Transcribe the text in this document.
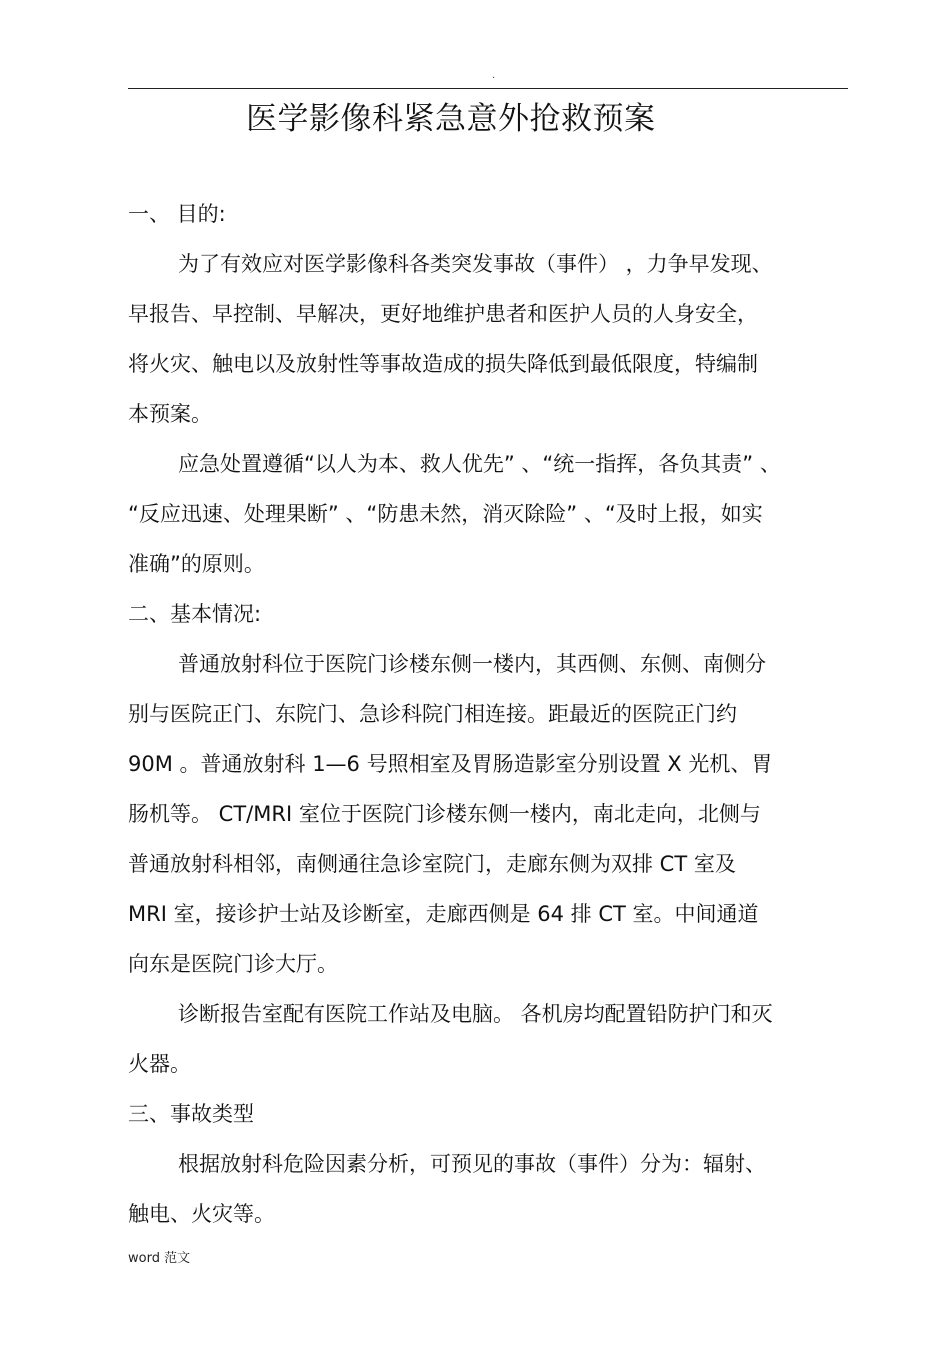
.
医学影像科紧急意外抢救预案
一、 目的:
为了有效应对医学影像科各类突发事故（事件） ，力争早发现、
早报告、早控制、早解决，更好地维护患者和医护人员的人身安全，
将火灾、触电以及放射性等事故造成的损失降低到最低限度，特编制
本预案。
应急处置遵循“以人为本、救人优先” 、“统一指挥，各负其责” 、
“反应迅速、处理果断” 、“防患未然，消灭除险” 、“及时上报，如实
准确”的原则。
二、基本情况:
普通放射科位于医院门诊楼东侧一楼内，其西侧、东侧、南侧分
别与医院正门、东院门、急诊科院门相连接。距最近的医院正门约
90M 。普通放射科 1—6 号照相室及胃肠造影室分别设置 X 光机、胃
肠机等。 CT/MRI 室位于医院门诊楼东侧一楼内，南北走向，北侧与
普通放射科相邻，南侧通往急诊室院门，走廊东侧为双排 CT 室及
MRI 室，接诊护士站及诊断室，走廊西侧是 64 排 CT 室。中间通道
向东是医院门诊大厅。
诊断报告室配有医院工作站及电脑。 各机房均配置铅防护门和灭
火器。
三、事故类型
根据放射科危险因素分析，可预见的事故（事件）分为：辐射、
触电、火灾等。
word 范文
